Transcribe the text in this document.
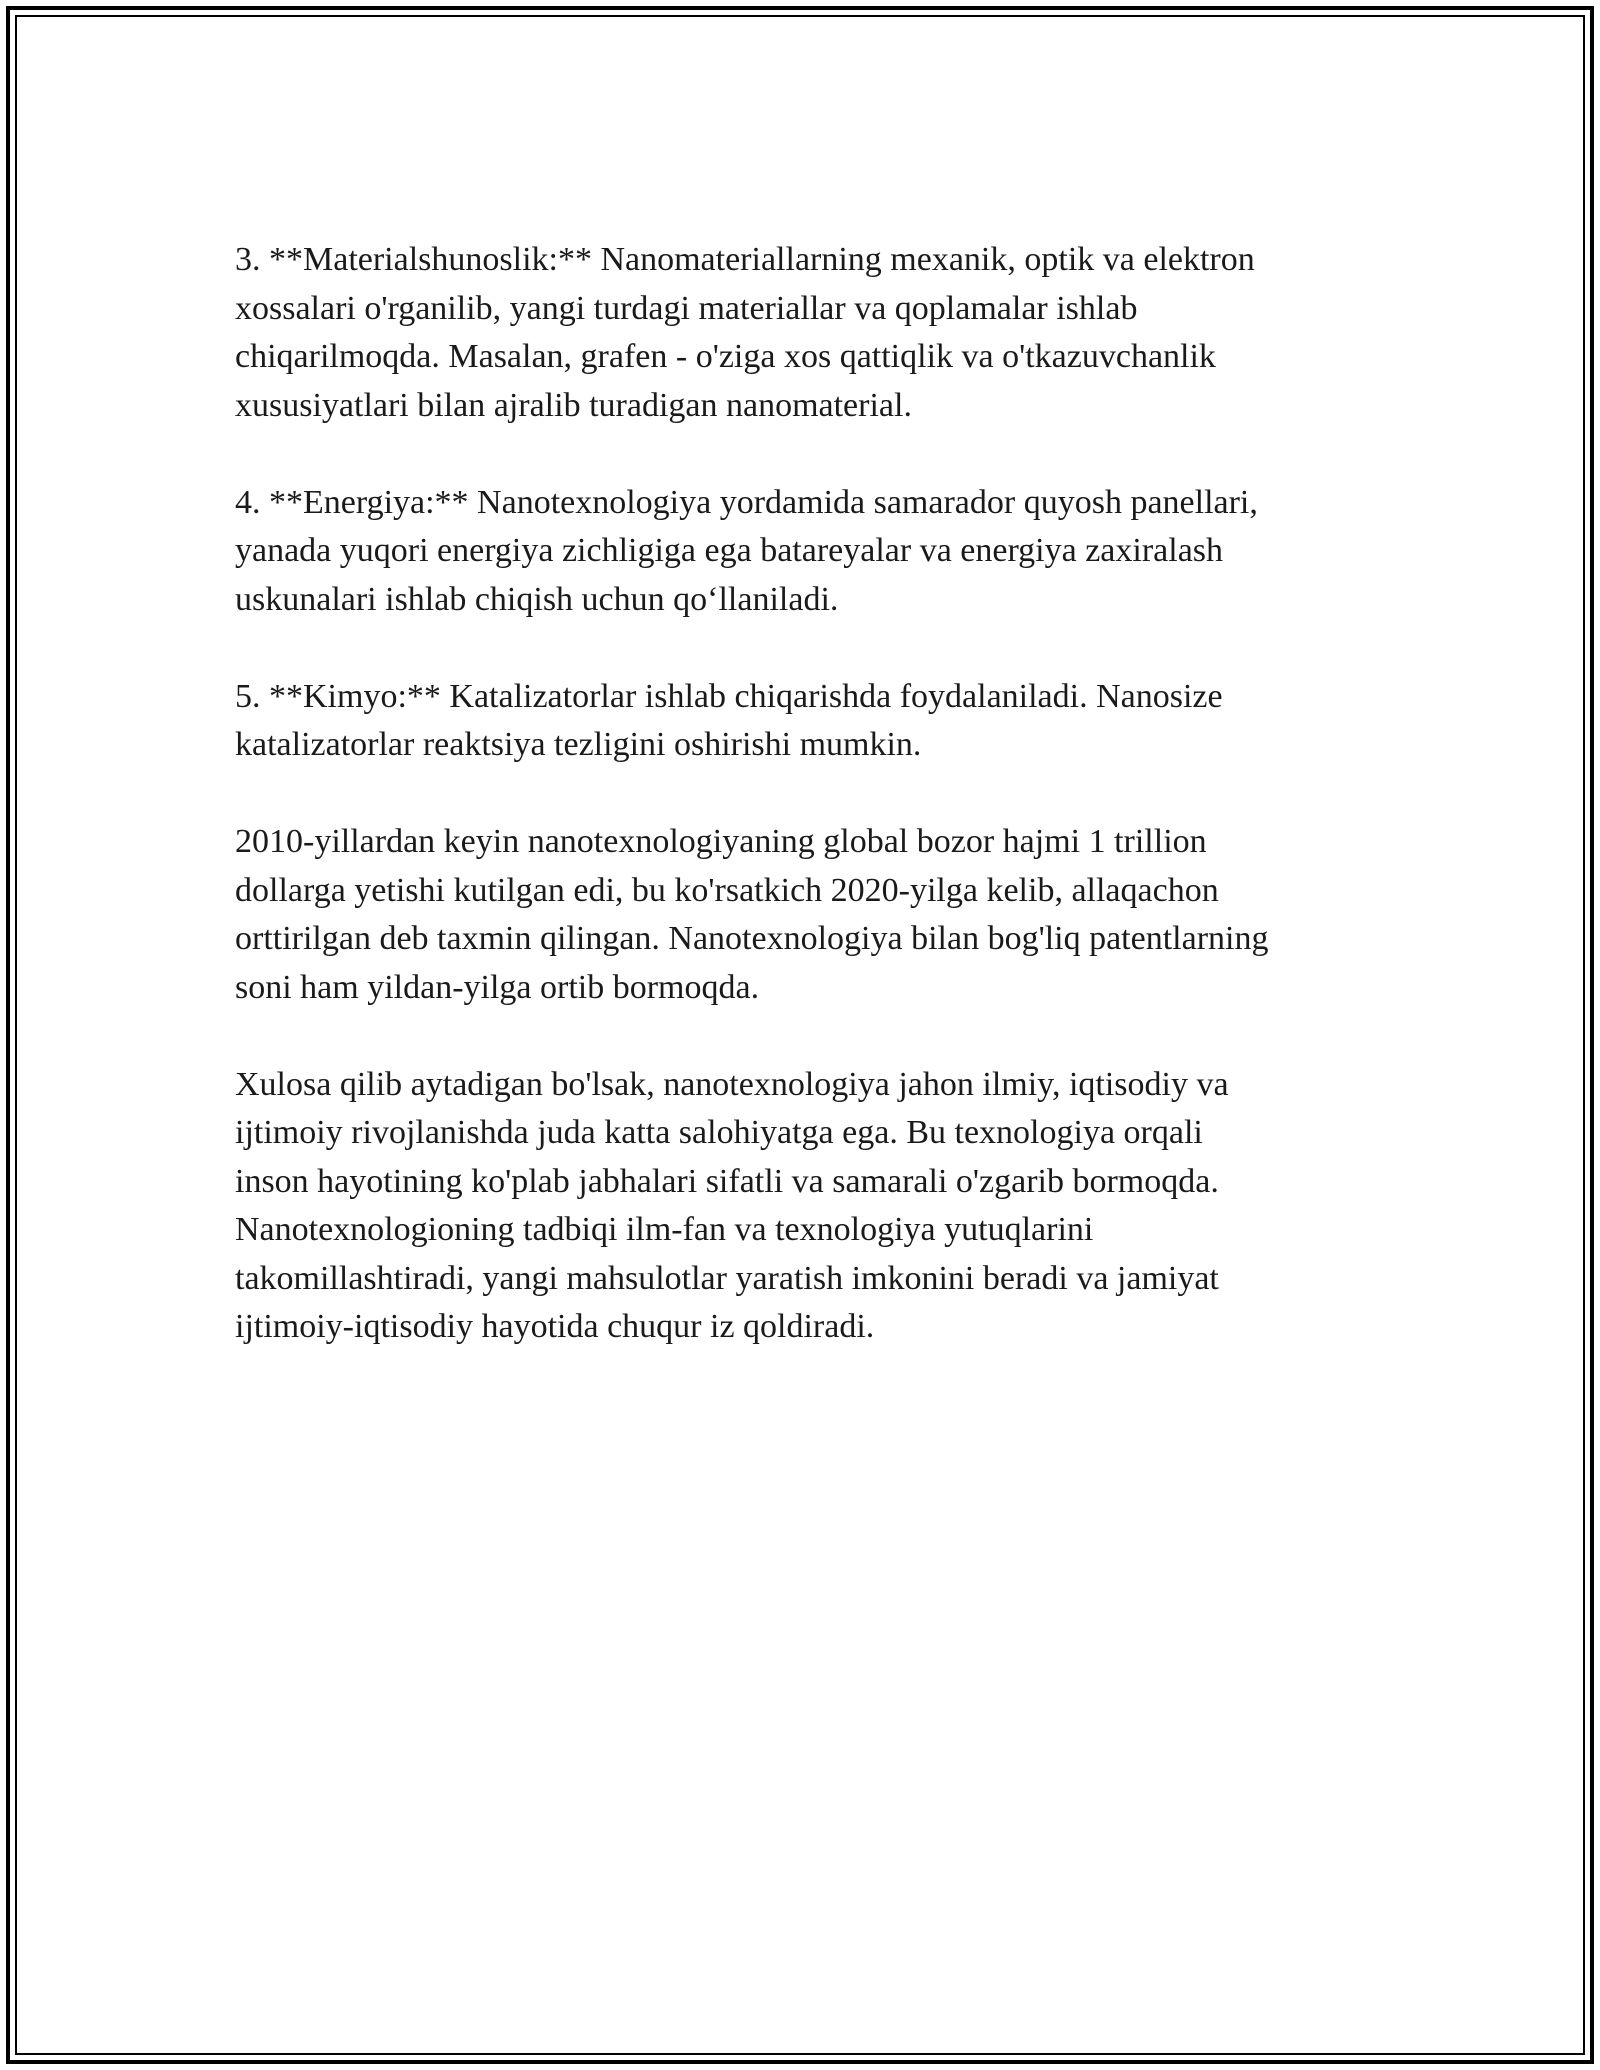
3. **Materialshunoslik:** Nanomateriallarning mexanik, optik va elektron
xossalari o'rganilib, yangi turdagi materiallar va qoplamalar ishlab
chiqarilmoqda. Masalan, grafen - o'ziga xos qattiqlik va o'tkazuvchanlik
xususiyatlari bilan ajralib turadigan nanomaterial.

4. **Energiya:** Nanotexnologiya yordamida samarador quyosh panellari,
yanada yuqori energiya zichligiga ega batareyalar va energiya zaxiralash
uskunalari ishlab chiqish uchun qo‘llaniladi.

5. **Kimyo:** Katalizatorlar ishlab chiqarishda foydalaniladi. Nanosize
katalizatorlar reaktsiya tezligini oshirishi mumkin.

2010-yillardan keyin nanotexnologiyaning global bozor hajmi 1 trillion
dollarga yetishi kutilgan edi, bu ko'rsatkich 2020-yilga kelib, allaqachon
orttirilgan deb taxmin qilingan. Nanotexnologiya bilan bog'liq patentlarning
soni ham yildan-yilga ortib bormoqda.

Xulosa qilib aytadigan bo'lsak, nanotexnologiya jahon ilmiy, iqtisodiy va
ijtimoiy rivojlanishda juda katta salohiyatga ega. Bu texnologiya orqali
inson hayotining ko'plab jabhalari sifatli va samarali o'zgarib bormoqda.
Nanotexnologioning tadbiqi ilm-fan va texnologiya yutuqlarini
takomillashtiradi, yangi mahsulotlar yaratish imkonini beradi va jamiyat
ijtimoiy-iqtisodiy hayotida chuqur iz qoldiradi.
